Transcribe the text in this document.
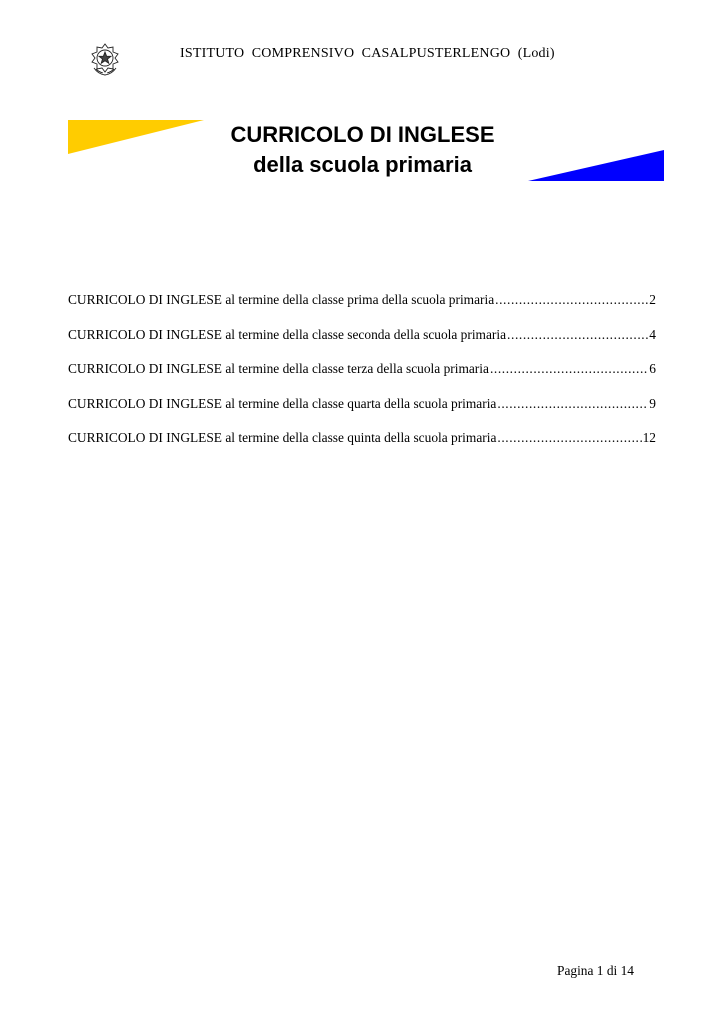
ISTITUTO  COMPRENSIVO  CASALPUSTERLENGO  (Lodi)
CURRICOLO DI INGLESE
della scuola primaria
CURRICOLO DI INGLESE al termine della classe prima della scuola primaria .....	2
CURRICOLO DI INGLESE al termine della classe seconda della scuola primaria .....	4
CURRICOLO DI INGLESE al termine della classe terza della scuola primaria .....	6
CURRICOLO DI INGLESE al termine della classe quarta della scuola primaria .....	9
CURRICOLO DI INGLESE al termine della classe quinta della scuola primaria .....	12
Pagina 1 di 14
